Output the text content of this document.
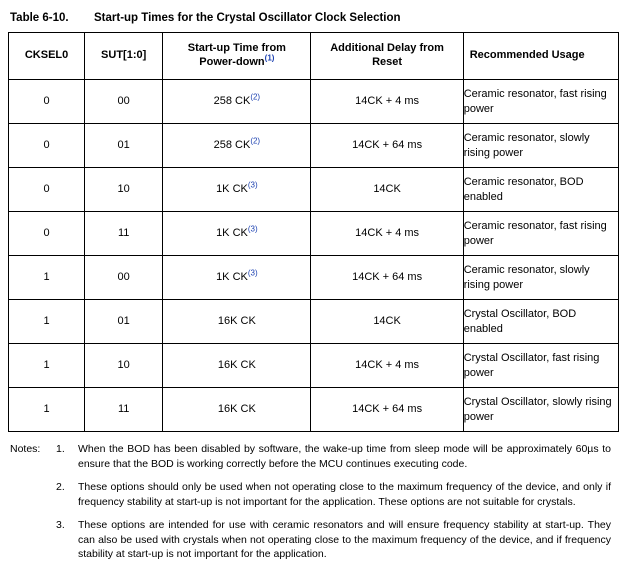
Table 6-10.	Start-up Times for the Crystal Oscillator Clock Selection
CKSEL0	SUT[1:0]	Start-up Time from Power-down$^{(1)}$	Additional Delay from Reset	Recommended Usage
0	00	258 CK$^{(2)}$	14CK + 4 ms	Ceramic resonator, fast rising power
0	01	258 CK$^{(2)}$	14CK + 64 ms	Ceramic resonator, slowly rising power
0	10	1K CK$^{(3)}$	14CK	Ceramic resonator, BOD enabled
0	11	1K CK$^{(3)}$	14CK + 4 ms	Ceramic resonator, fast rising power
1	00	1K CK$^{(3)}$	14CK + 64 ms	Ceramic resonator, slowly rising power
1	01	16K CK	14CK	Crystal Oscillator, BOD enabled
1	10	16K CK	14CK + 4 ms	Crystal Oscillator, fast rising power
1	11	16K CK	14CK + 64 ms	Crystal Oscillator, slowly rising power
Notes:	1.	When the BOD has been disabled by software, the wake-up time from sleep mode will be approximately 60µs to ensure that the BOD is working correctly before the MCU continues executing code.
2.	These options should only be used when not operating close to the maximum frequency of the device, and only if frequency stability at start-up is not important for the application. These options are not suitable for crystals.
3.	These options are intended for use with ceramic resonators and will ensure frequency stability at start-up. They can also be used with crystals when not operating close to the maximum frequency of the device, and if frequency stability at start-up is not important for the application.
